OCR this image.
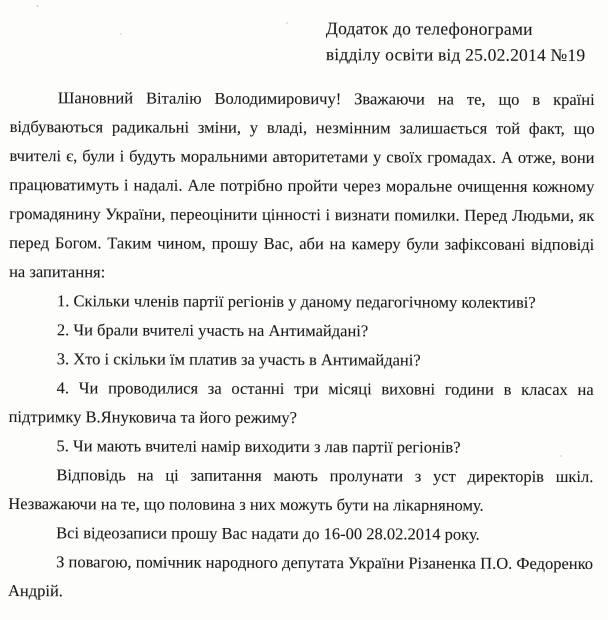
Додаток до телефонограми
відділу освіти від 25.02.2014 №19

Шановний Віталію Володимировичу! Зважаючи на те, що в країні відбуваються радикальні зміни, у владі, незмінним залишається той факт, що вчителі є, були і будуть моральними авторитетами у своїх громадах. А отже, вони працюватимуть і надалі. Але потрібно пройти через моральне очищення кожному громадянину України, переоцінити цінності і визнати помилки. Перед Людьми, як перед Богом. Таким чином, прошу Вас, аби на камеру були зафіксовані відповіді на запитання:

1. Скільки членів партії регіонів у даному педагогічному колективі?

2. Чи брали вчителі участь на Антимайдані?

3. Хто і скільки їм платив за участь в Антимайдані?

4. Чи проводилися за останні три місяці виховні години в класах на підтримку В.Януковича та його режиму?

5. Чи мають вчителі намір виходити з лав партії регіонів?

Відповідь на ці запитання мають пролунати з уст директорів шкіл. Незважаючи на те, що половина з них можуть бути на лікарняному.

Всі відеозаписи прошу Вас надати до 16-00 28.02.2014 року.

З повагою, помічник народного депутата України Різаненка П.О. Федоренко Андрій.
